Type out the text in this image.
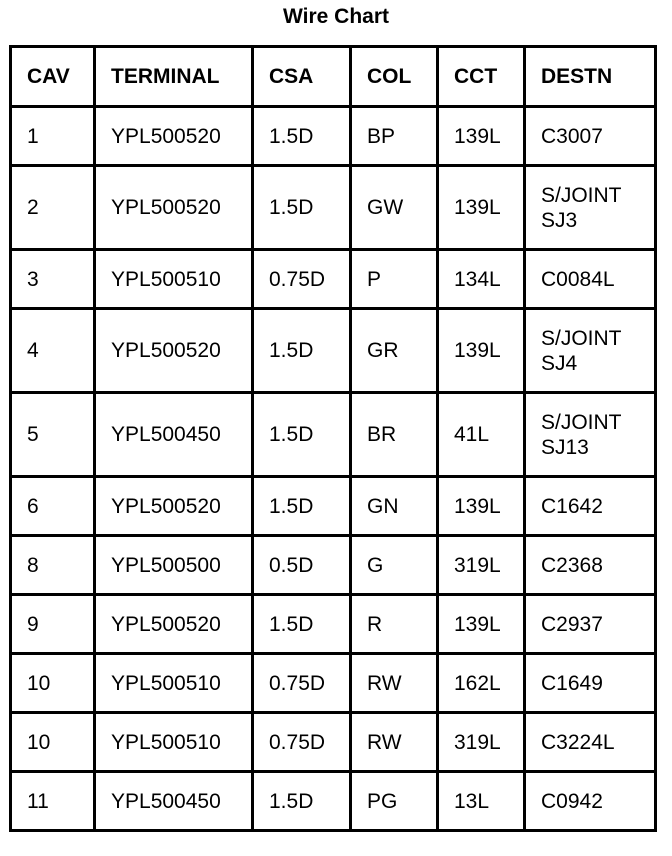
Wire Chart
CAV	TERMINAL	CSA	COL	CCT	DESTN
1	YPL500520	1.5D	BP	139L	C3007

2	YPL500520	1.5D	GW	139L	S/JOINT
SJ3

3	YPL500510	0.75D	P	134L	C0084L

4	YPL500520	1.5D	GR	139L	S/JOINT
SJ4

5	YPL500450	1.5D	BR	41L	S/JOINT
SJ13

6	YPL500520	1.5D	GN	139L	C1642

8	YPL500500	0.5D	G	319L	C2368

9	YPL500520	1.5D	R	139L	C2937

10	YPL500510	0.75D	RW	162L	C1649

10	YPL500510	0.75D	RW	319L	C3224L

11	YPL500450	1.5D	PG	13L	C0942
